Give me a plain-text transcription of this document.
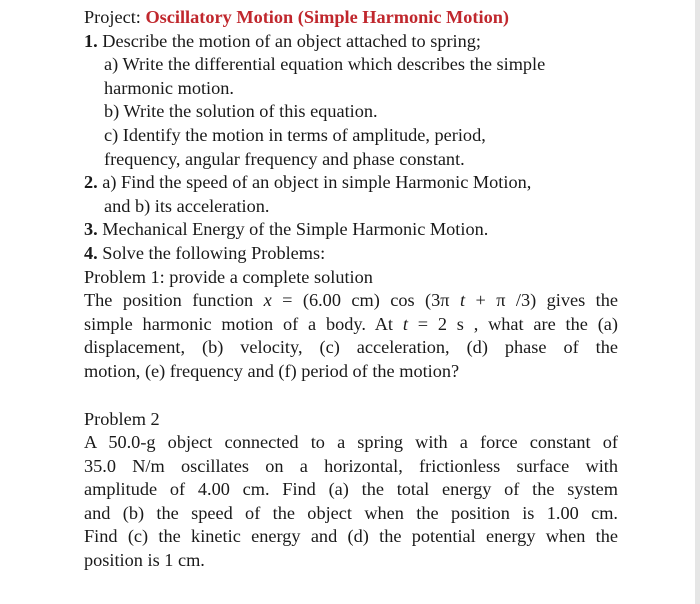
Project: Oscillatory Motion (Simple Harmonic Motion)
1. Describe the motion of an object attached to spring;
a) Write the differential equation which describes the simple
harmonic motion.
b) Write the solution of this equation.
c) Identify the motion in terms of amplitude, period,
frequency, angular frequency and phase constant.
2. a) Find the speed of an object in simple Harmonic Motion,
and b) its acceleration.
3. Mechanical Energy of the Simple Harmonic Motion.
4. Solve the following Problems:
Problem 1: provide a complete solution
The position function x = (6.00 cm) cos (3π t + π /3) gives the
simple harmonic motion of a body. At t = 2 s , what are the (a)
displacement, (b) velocity, (c) acceleration, (d) phase of the
motion, (e) frequency and (f) period of the motion?
Problem 2
A 50.0-g object connected to a spring with a force constant of
35.0 N/m oscillates on a horizontal, frictionless surface with
amplitude of 4.00 cm. Find (a) the total energy of the system
and (b) the speed of the object when the position is 1.00 cm.
Find (c) the kinetic energy and (d) the potential energy when the
position is 1 cm.
